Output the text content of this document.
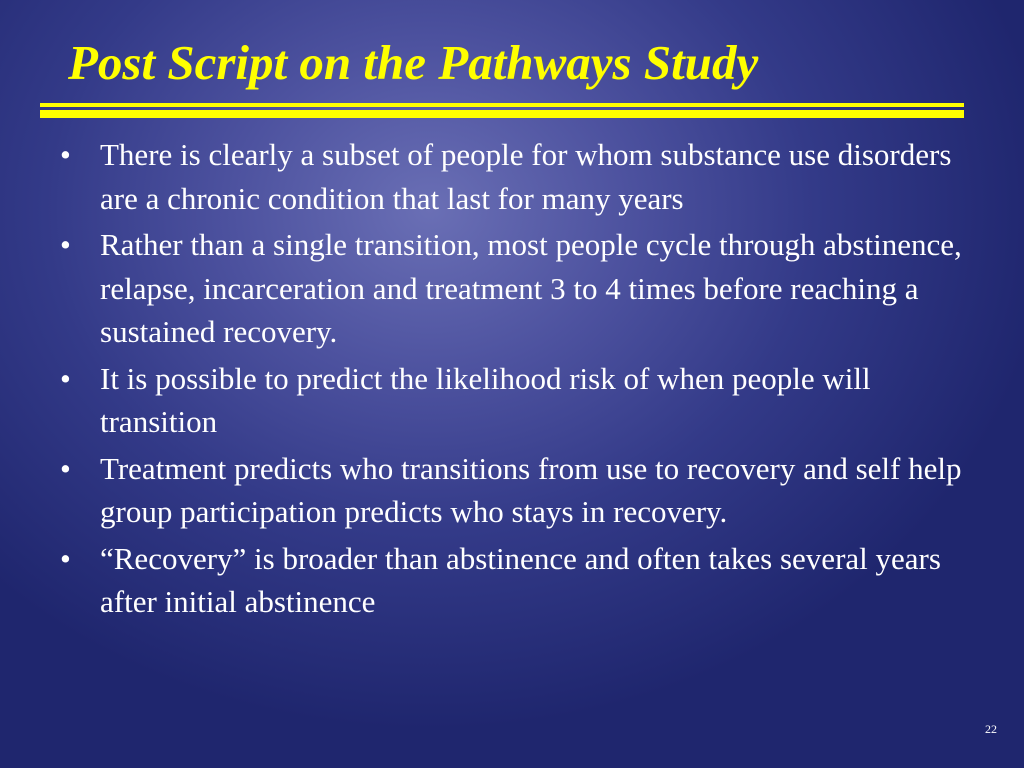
Post Script on the Pathways Study
• There is clearly a subset of people for whom substance use disorders are a chronic condition that last for many years
• Rather than a single transition, most people cycle through abstinence, relapse, incarceration and treatment 3 to 4 times before reaching a sustained recovery.
• It is possible to predict the likelihood risk of when people will transition
• Treatment predicts who transitions from use to recovery and self help group participation predicts who stays in recovery.
• “Recovery” is broader than abstinence and often takes several years after initial abstinence
22
